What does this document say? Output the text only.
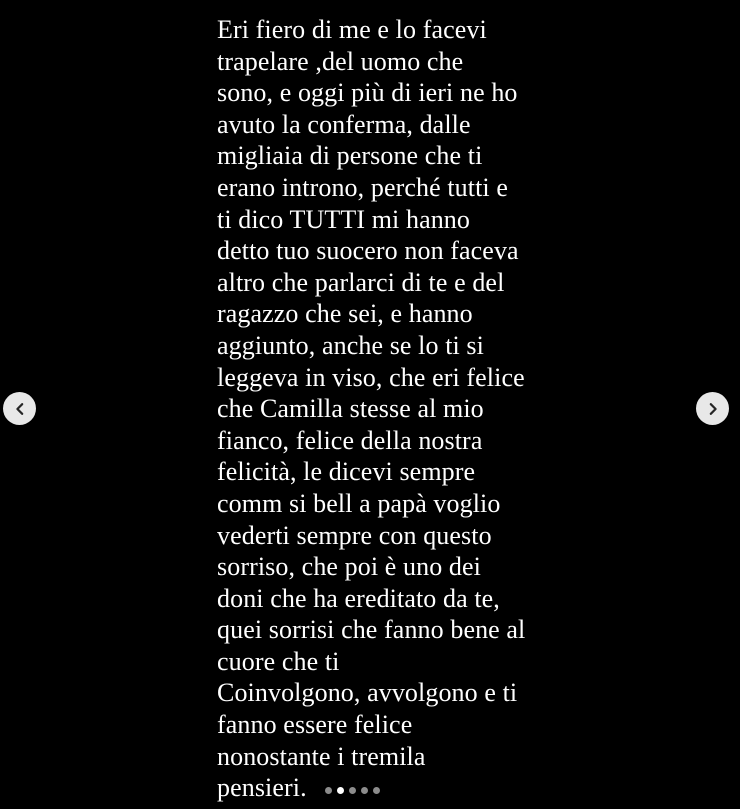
Eri fiero di me e lo facevi
trapelare ,del uomo che
sono, e oggi più di ieri ne ho
avuto la conferma, dalle
migliaia di persone che ti
erano introno, perché tutti e
ti dico TUTTI mi hanno
detto tuo suocero non faceva
altro che parlarci di te e del
ragazzo che sei, e hanno
aggiunto, anche se lo ti si
leggeva in viso, che eri felice
che Camilla stesse al mio
fianco, felice della nostra
felicità, le dicevi sempre
comm si bell a papà voglio
vederti sempre con questo
sorriso, che poi è uno dei
doni che ha ereditato da te,
quei sorrisi che fanno bene al
cuore che ti
Coinvolgono, avvolgono e ti
fanno essere felice
nonostante i tremila
pensieri.
